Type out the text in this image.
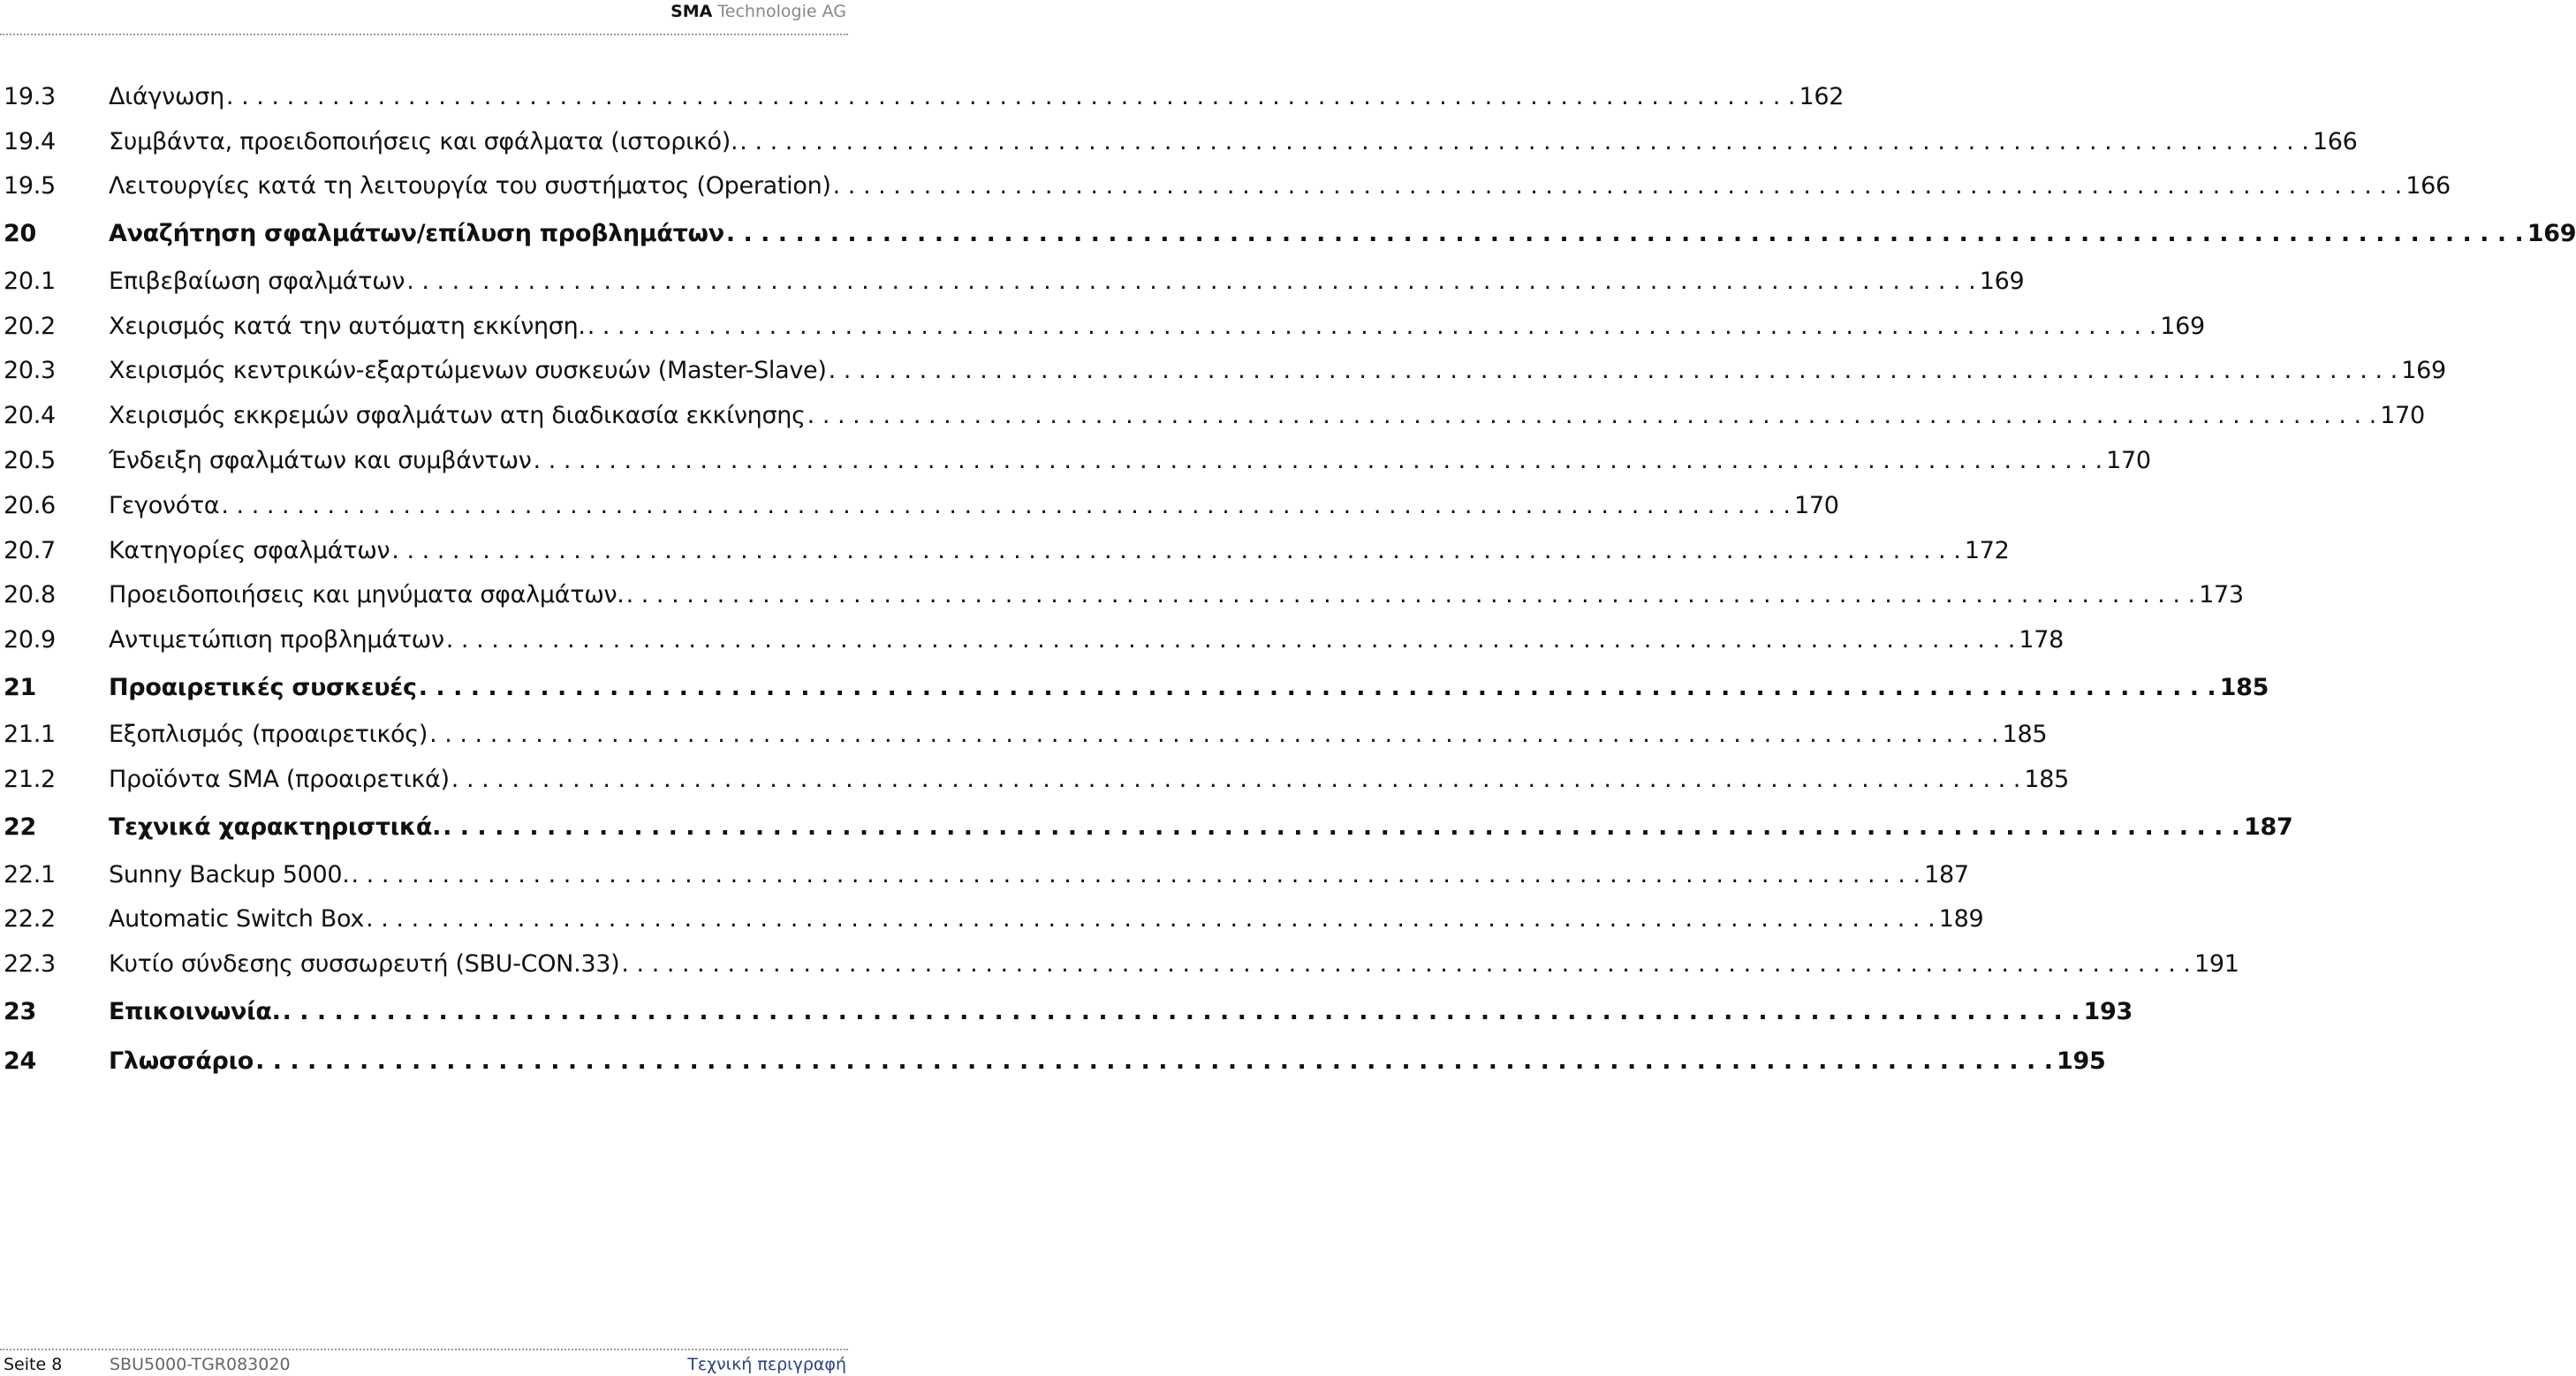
SMA Technologie AG
19.3	Διάγνωση . . .	162
19.4	Συμβάντα, προειδοποιήσεις και σφάλματα (ιστορικό). . . .	166
19.5	Λειτουργίες κατά τη λειτουργία του συστήματος (Operation) . . .	166
20	Αναζήτηση σφαλμάτων/επίλυση προβλημάτων . . .	169
20.1	Επιβεβαίωση σφαλμάτων . . .	169
20.2	Χειρισμός κατά την αυτόματη εκκίνηση. . . .	169
20.3	Χειρισμός κεντρικών-εξαρτώμενων συσκευών (Master-Slave) . . .	169
20.4	Χειρισμός εκκρεμών σφαλμάτων ατη διαδικασία εκκίνησης . . .	170
20.5	Ένδειξη σφαλμάτων και συμβάντων . . .	170
20.6	Γεγονότα . . .	170
20.7	Κατηγορίες σφαλμάτων . . .	172
20.8	Προειδοποιήσεις και μηνύματα σφαλμάτων. . . .	173
20.9	Αντιμετώπιση προβλημάτων . . .	178
21	Προαιρετικές συσκευές . . .	185
21.1	Εξοπλισμός (προαιρετικός) . . .	185
21.2	Προϊόντα SMA (προαιρετικά) . . .	185
22	Τεχνικά χαρακτηριστικά. . . .	187
22.1	Sunny Backup 5000. . . .	187
22.2	Automatic Switch Box . . .	189
22.3	Κυτίο σύνδεσης συσσωρευτή (SBU-CON.33) . . .	191
23	Επικοινωνία. . . .	193
24	Γλωσσάριο . . .	195
Seite 8	SBU5000-TGR083020	Τεχνική περιγραφή
